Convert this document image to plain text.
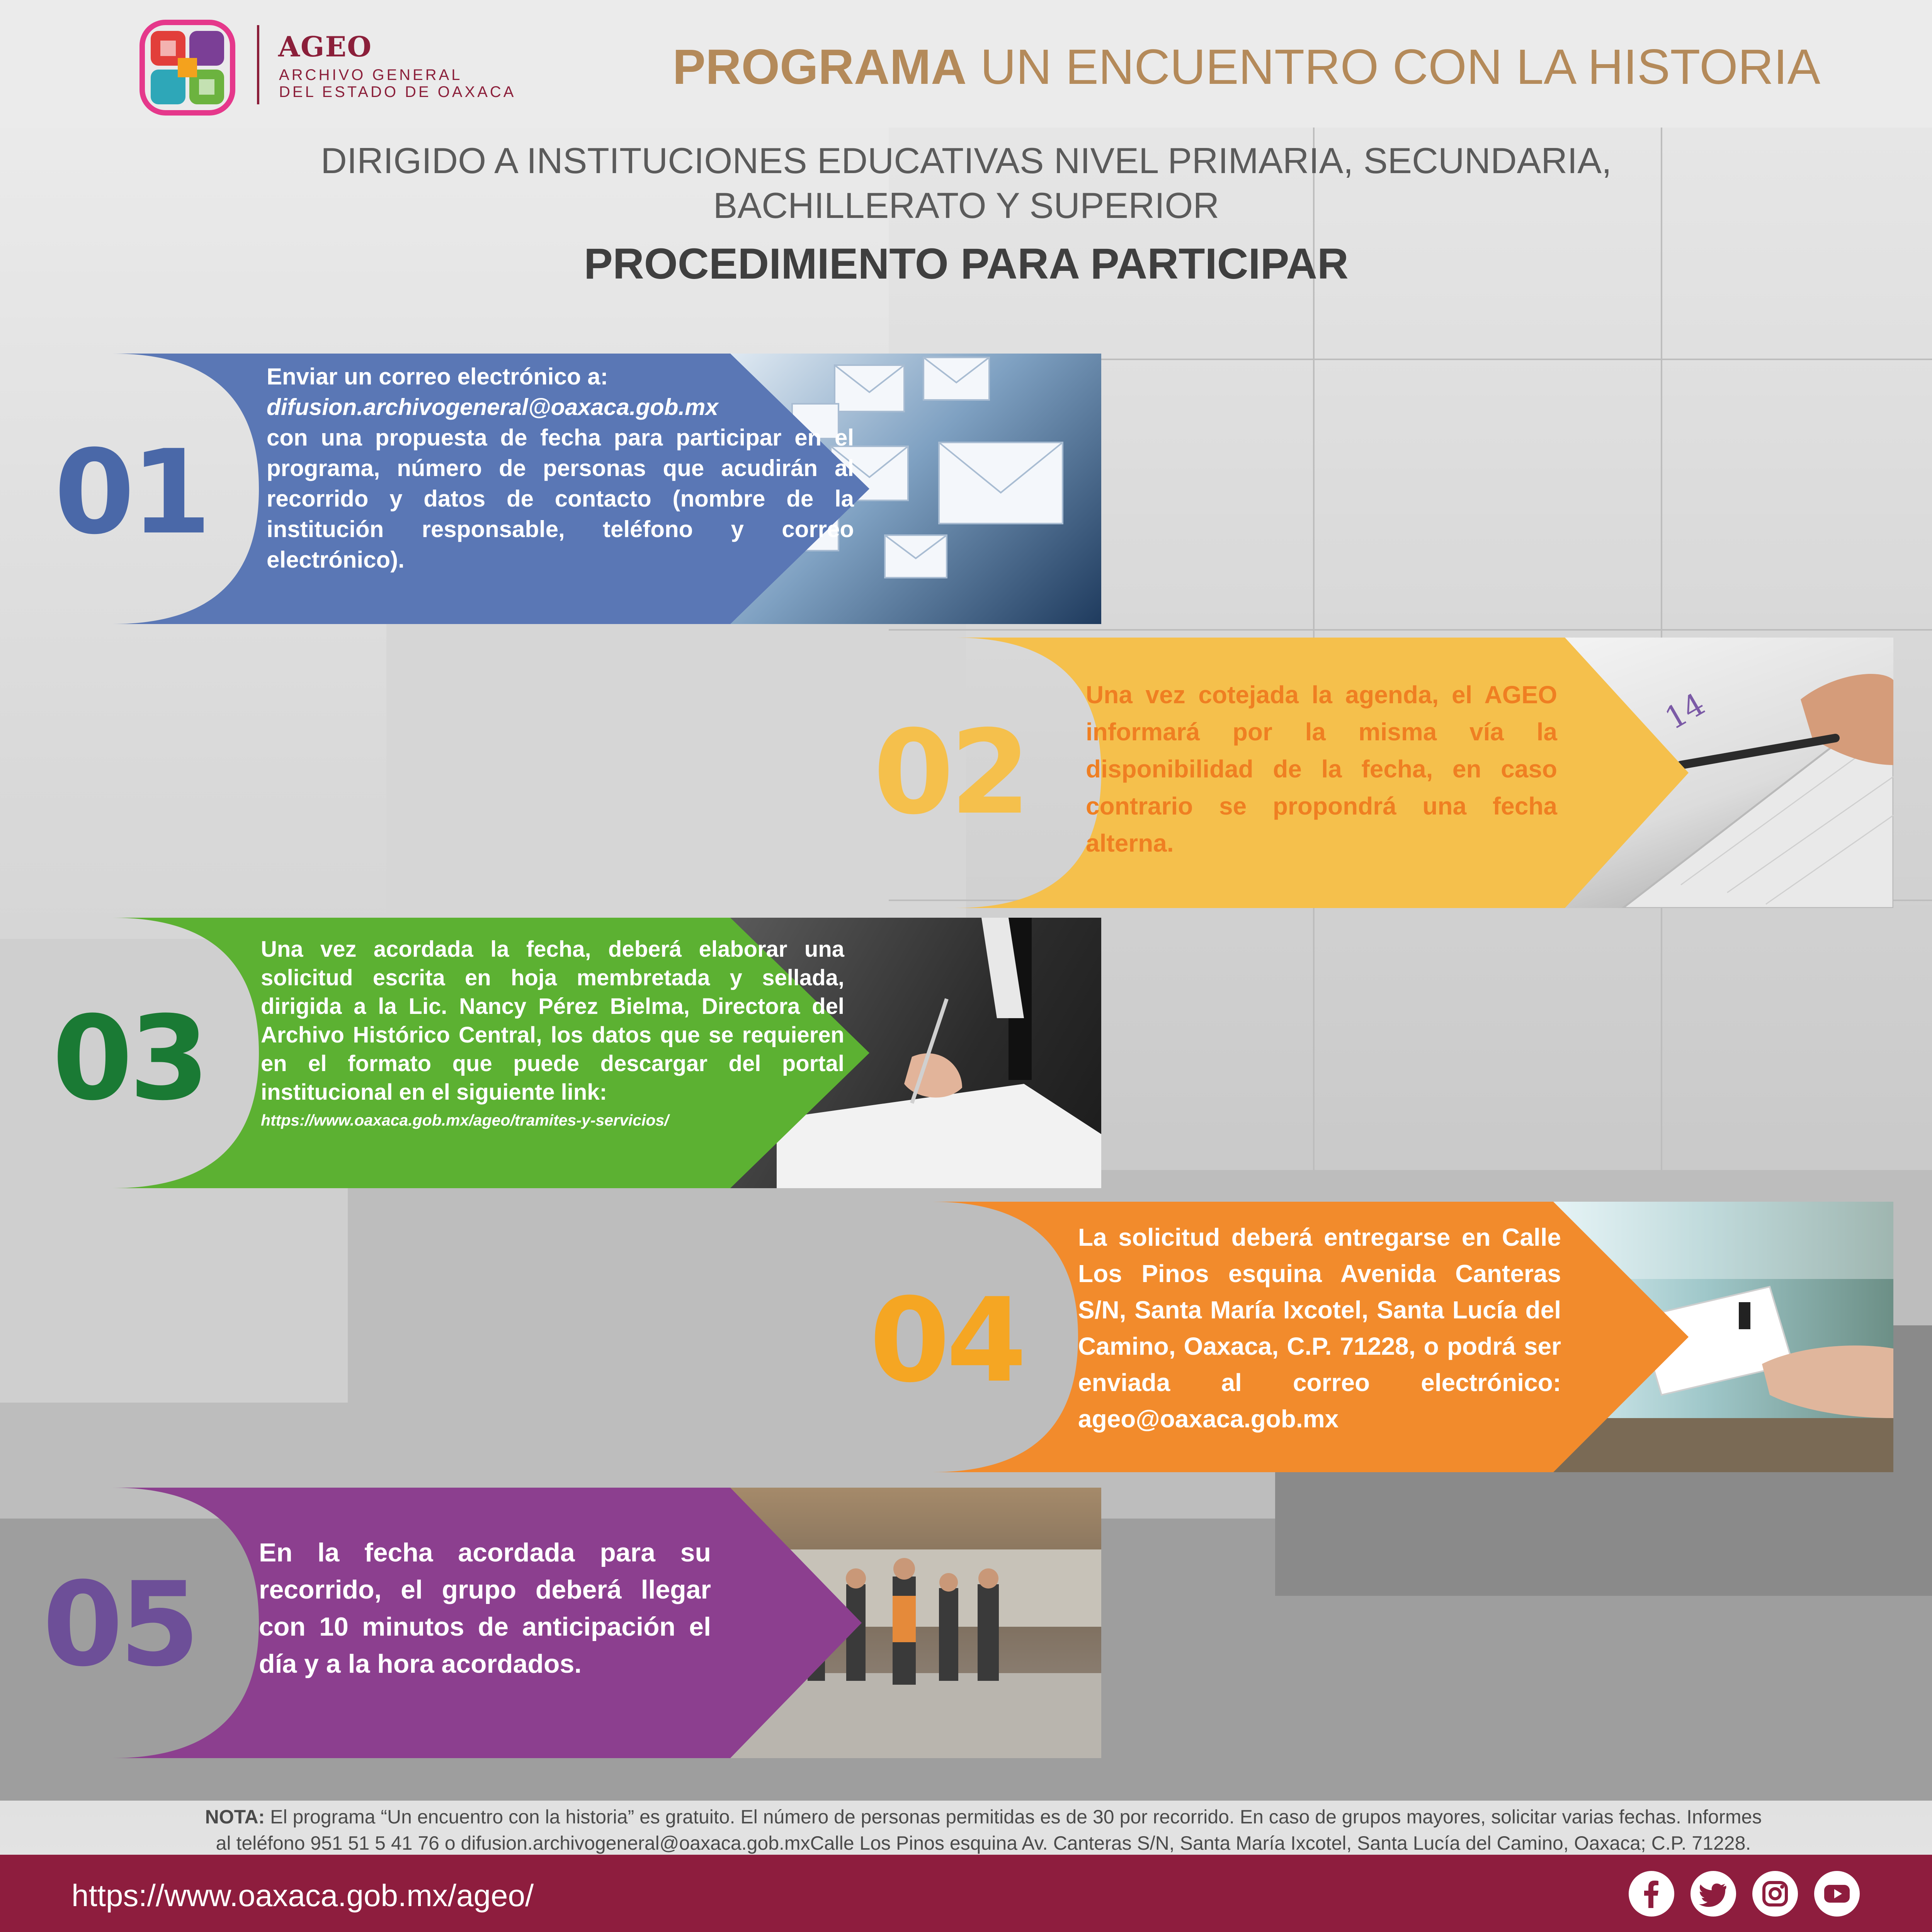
AGEO
ARCHIVO GENERAL
DEL ESTADO DE OAXACA	PROGRAMA UN ENCUENTRO CON LA HISTORIA
DIRIGIDO A INSTITUCIONES EDUCATIVAS NIVEL PRIMARIA, SECUNDARIA,
BACHILLERATO Y SUPERIOR
PROCEDIMIENTO PARA PARTICIPAR
01
Enviar un correo electrónico a:
difusion.archivogeneral@oaxaca.gob.mx
con una propuesta de fecha para participar en el programa, número de personas que acudirán al recorrido y datos de contacto (nombre de la institución responsable, teléfono y correo electrónico).
14
02
Una vez cotejada la agenda, el AGEO informará por la misma vía la disponibilidad de la fecha, en caso contrario se propondrá una fecha alterna.
03
Una vez acordada la fecha, deberá elaborar una solicitud escrita en hoja membretada y sellada, dirigida a la Lic. Nancy Pérez Bielma, Directora del Archivo Histórico Central, los datos que se requieren en el formato que puede descargar del portal institucional en el siguiente link:
https://www.oaxaca.gob.mx/ageo/tramites-y-servicios/
04
La solicitud deberá entregarse en Calle Los Pinos esquina Avenida Canteras S/N, Santa María Ixcotel, Santa Lucía del Camino, Oaxaca, C.P. 71228, o podrá ser enviada al correo electrónico: ageo@oaxaca.gob.mx
05
En la fecha acordada para su recorrido, el grupo deberá llegar con 10 minutos de anticipación el día y a la hora acordados.
NOTA: El programa “Un encuentro con la historia” es gratuito. El número de personas permitidas es de 30 por recorrido. En caso de grupos mayores, solicitar varias fechas. Informes
al teléfono 951 51 5 41 76 o difusion.archivogeneral@oaxaca.gob.mxCalle Los Pinos esquina Av. Canteras S/N, Santa María Ixcotel, Santa Lucía del Camino, Oaxaca; C.P. 71228.
https://www.oaxaca.gob.mx/ageo/
